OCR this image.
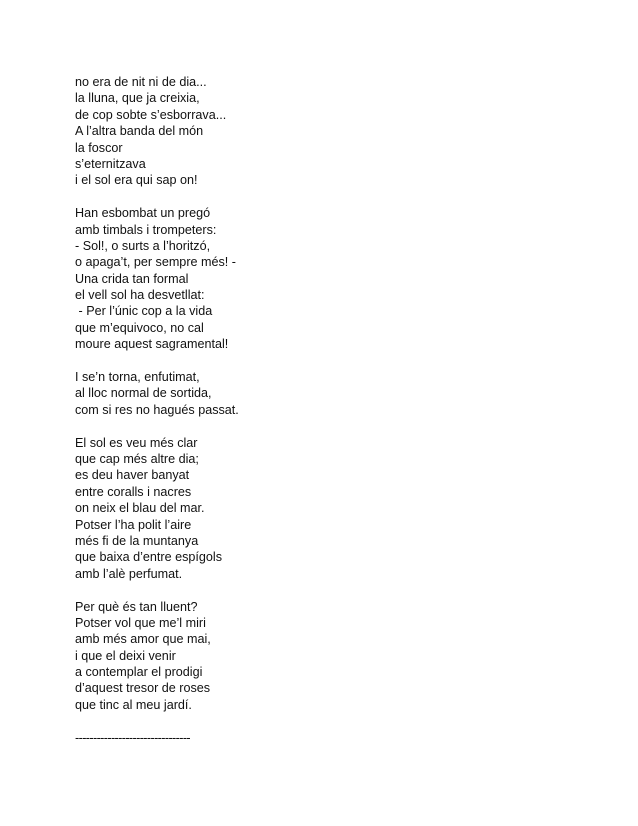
no era de nit ni de dia...
la lluna, que ja creixia,
de cop sobte s’esborrava...
A l’altra banda del món
la foscor
s’eternitzava
i el sol era qui sap on!
Han esbombat un pregó
amb timbals i trompeters:
- Sol!, o surts a l’horitzó,
o apaga’t, per sempre més! -
Una crida tan formal
el vell sol ha desvetllat:
- Per l’únic cop a la vida
que m’equivoco, no cal
moure aquest sagramental!
I se’n torna, enfutimat,
al lloc normal de sortida,
com si res no hagués passat.
El sol es veu més clar
que cap més altre dia;
es deu haver banyat
entre coralls i nacres
on neix el blau del mar.
Potser l’ha polit l’aire
més fi de la muntanya
que baixa d’entre espígols
amb l’alè perfumat.
Per què és tan lluent?
Potser vol que me’l miri
amb més amor que mai,
i que el deixi venir
a contemplar el prodigi
d’aquest tresor de roses
que tinc al meu jardí.
--------------------------------
